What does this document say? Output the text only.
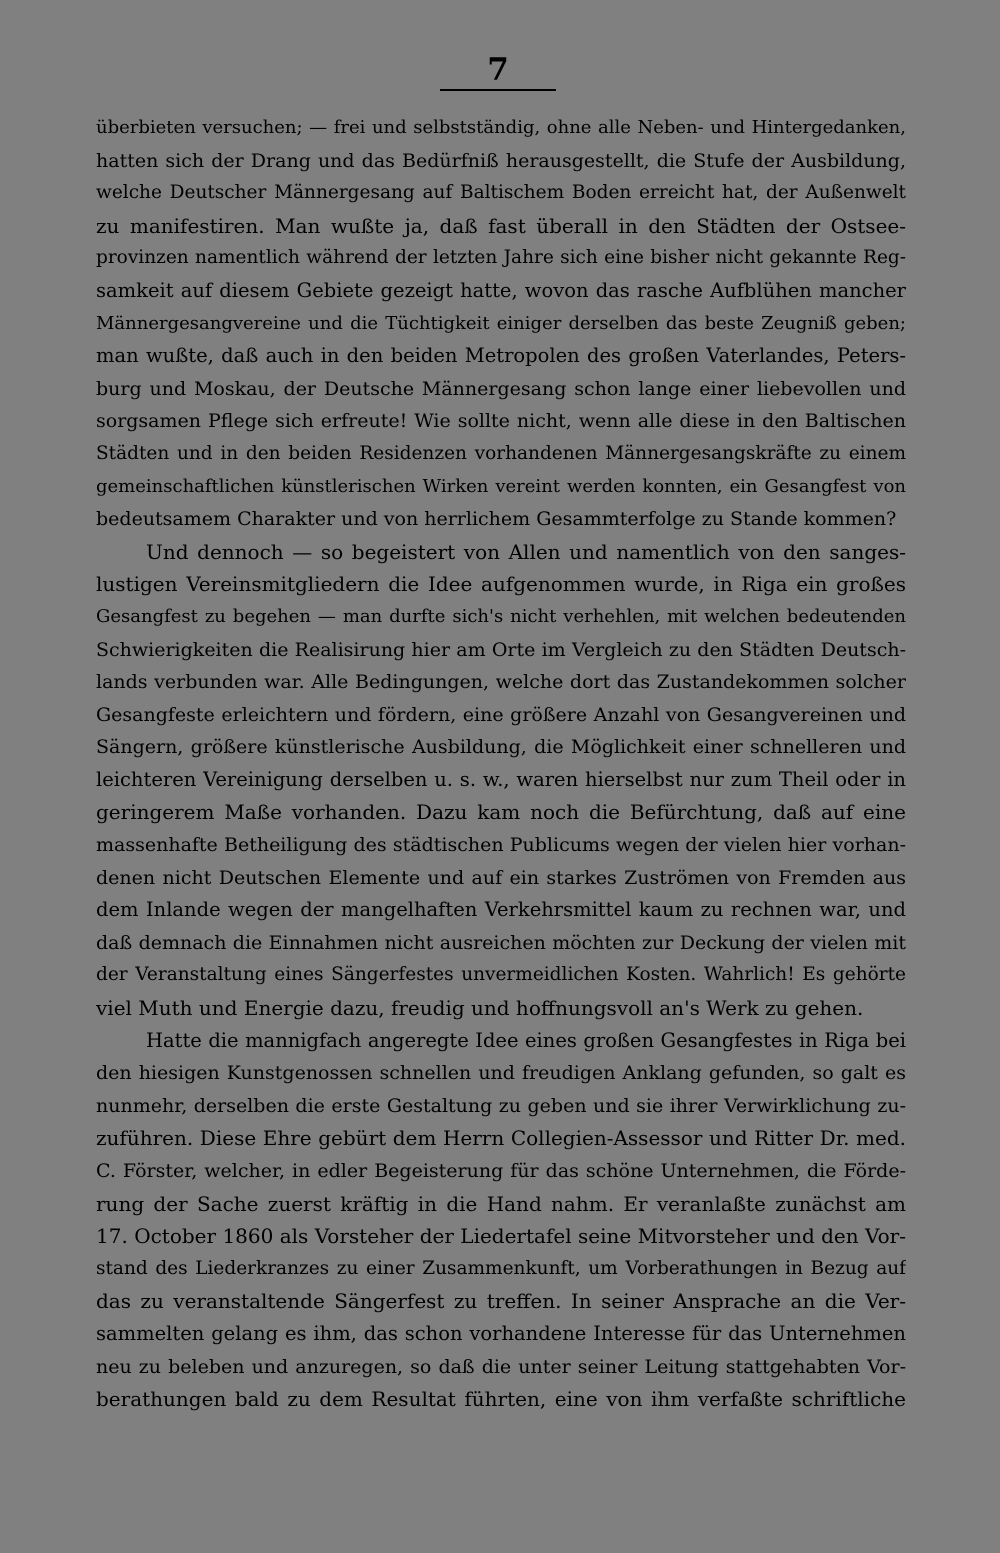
7
überbieten versuchen; — frei und selbstständig, ohne alle Neben- und Hintergedanken,
hatten sich der Drang und das Bedürfniß herausgestellt, die Stufe der Ausbildung,
welche Deutscher Männergesang auf Baltischem Boden erreicht hat, der Außenwelt
zu manifestiren. Man wußte ja, daß fast überall in den Städten der Ostsee-
provinzen namentlich während der letzten Jahre sich eine bisher nicht gekannte Reg-
samkeit auf diesem Gebiete gezeigt hatte, wovon das rasche Aufblühen mancher
Männergesangvereine und die Tüchtigkeit einiger derselben das beste Zeugniß geben;
man wußte, daß auch in den beiden Metropolen des großen Vaterlandes, Peters-
burg und Moskau, der Deutsche Männergesang schon lange einer liebevollen und
sorgsamen Pflege sich erfreute! Wie sollte nicht, wenn alle diese in den Baltischen
Städten und in den beiden Residenzen vorhandenen Männergesangskräfte zu einem
gemeinschaftlichen künstlerischen Wirken vereint werden konnten, ein Gesangfest von
bedeutsamem Charakter und von herrlichem Gesammterfolge zu Stande kommen?
Und dennoch — so begeistert von Allen und namentlich von den sanges-
lustigen Vereinsmitgliedern die Idee aufgenommen wurde, in Riga ein großes
Gesangfest zu begehen — man durfte sich's nicht verhehlen, mit welchen bedeutenden
Schwierigkeiten die Realisirung hier am Orte im Vergleich zu den Städten Deutsch-
lands verbunden war. Alle Bedingungen, welche dort das Zustandekommen solcher
Gesangfeste erleichtern und fördern, eine größere Anzahl von Gesangvereinen und
Sängern, größere künstlerische Ausbildung, die Möglichkeit einer schnelleren und
leichteren Vereinigung derselben u. s. w., waren hierselbst nur zum Theil oder in
geringerem Maße vorhanden. Dazu kam noch die Befürchtung, daß auf eine
massenhafte Betheiligung des städtischen Publicums wegen der vielen hier vorhan-
denen nicht Deutschen Elemente und auf ein starkes Zuströmen von Fremden aus
dem Inlande wegen der mangelhaften Verkehrsmittel kaum zu rechnen war, und
daß demnach die Einnahmen nicht ausreichen möchten zur Deckung der vielen mit
der Veranstaltung eines Sängerfestes unvermeidlichen Kosten. Wahrlich! Es gehörte
viel Muth und Energie dazu, freudig und hoffnungsvoll an's Werk zu gehen.
Hatte die mannigfach angeregte Idee eines großen Gesangfestes in Riga bei
den hiesigen Kunstgenossen schnellen und freudigen Anklang gefunden, so galt es
nunmehr, derselben die erste Gestaltung zu geben und sie ihrer Verwirklichung zu-
zuführen. Diese Ehre gebürt dem Herrn Collegien-Assessor und Ritter Dr. med.
C. Förster, welcher, in edler Begeisterung für das schöne Unternehmen, die Förde-
rung der Sache zuerst kräftig in die Hand nahm. Er veranlaßte zunächst am
17. October 1860 als Vorsteher der Liedertafel seine Mitvorsteher und den Vor-
stand des Liederkranzes zu einer Zusammenkunft, um Vorberathungen in Bezug auf
das zu veranstaltende Sängerfest zu treffen. In seiner Ansprache an die Ver-
sammelten gelang es ihm, das schon vorhandene Interesse für das Unternehmen
neu zu beleben und anzuregen, so daß die unter seiner Leitung stattgehabten Vor-
berathungen bald zu dem Resultat führten, eine von ihm verfaßte schriftliche
